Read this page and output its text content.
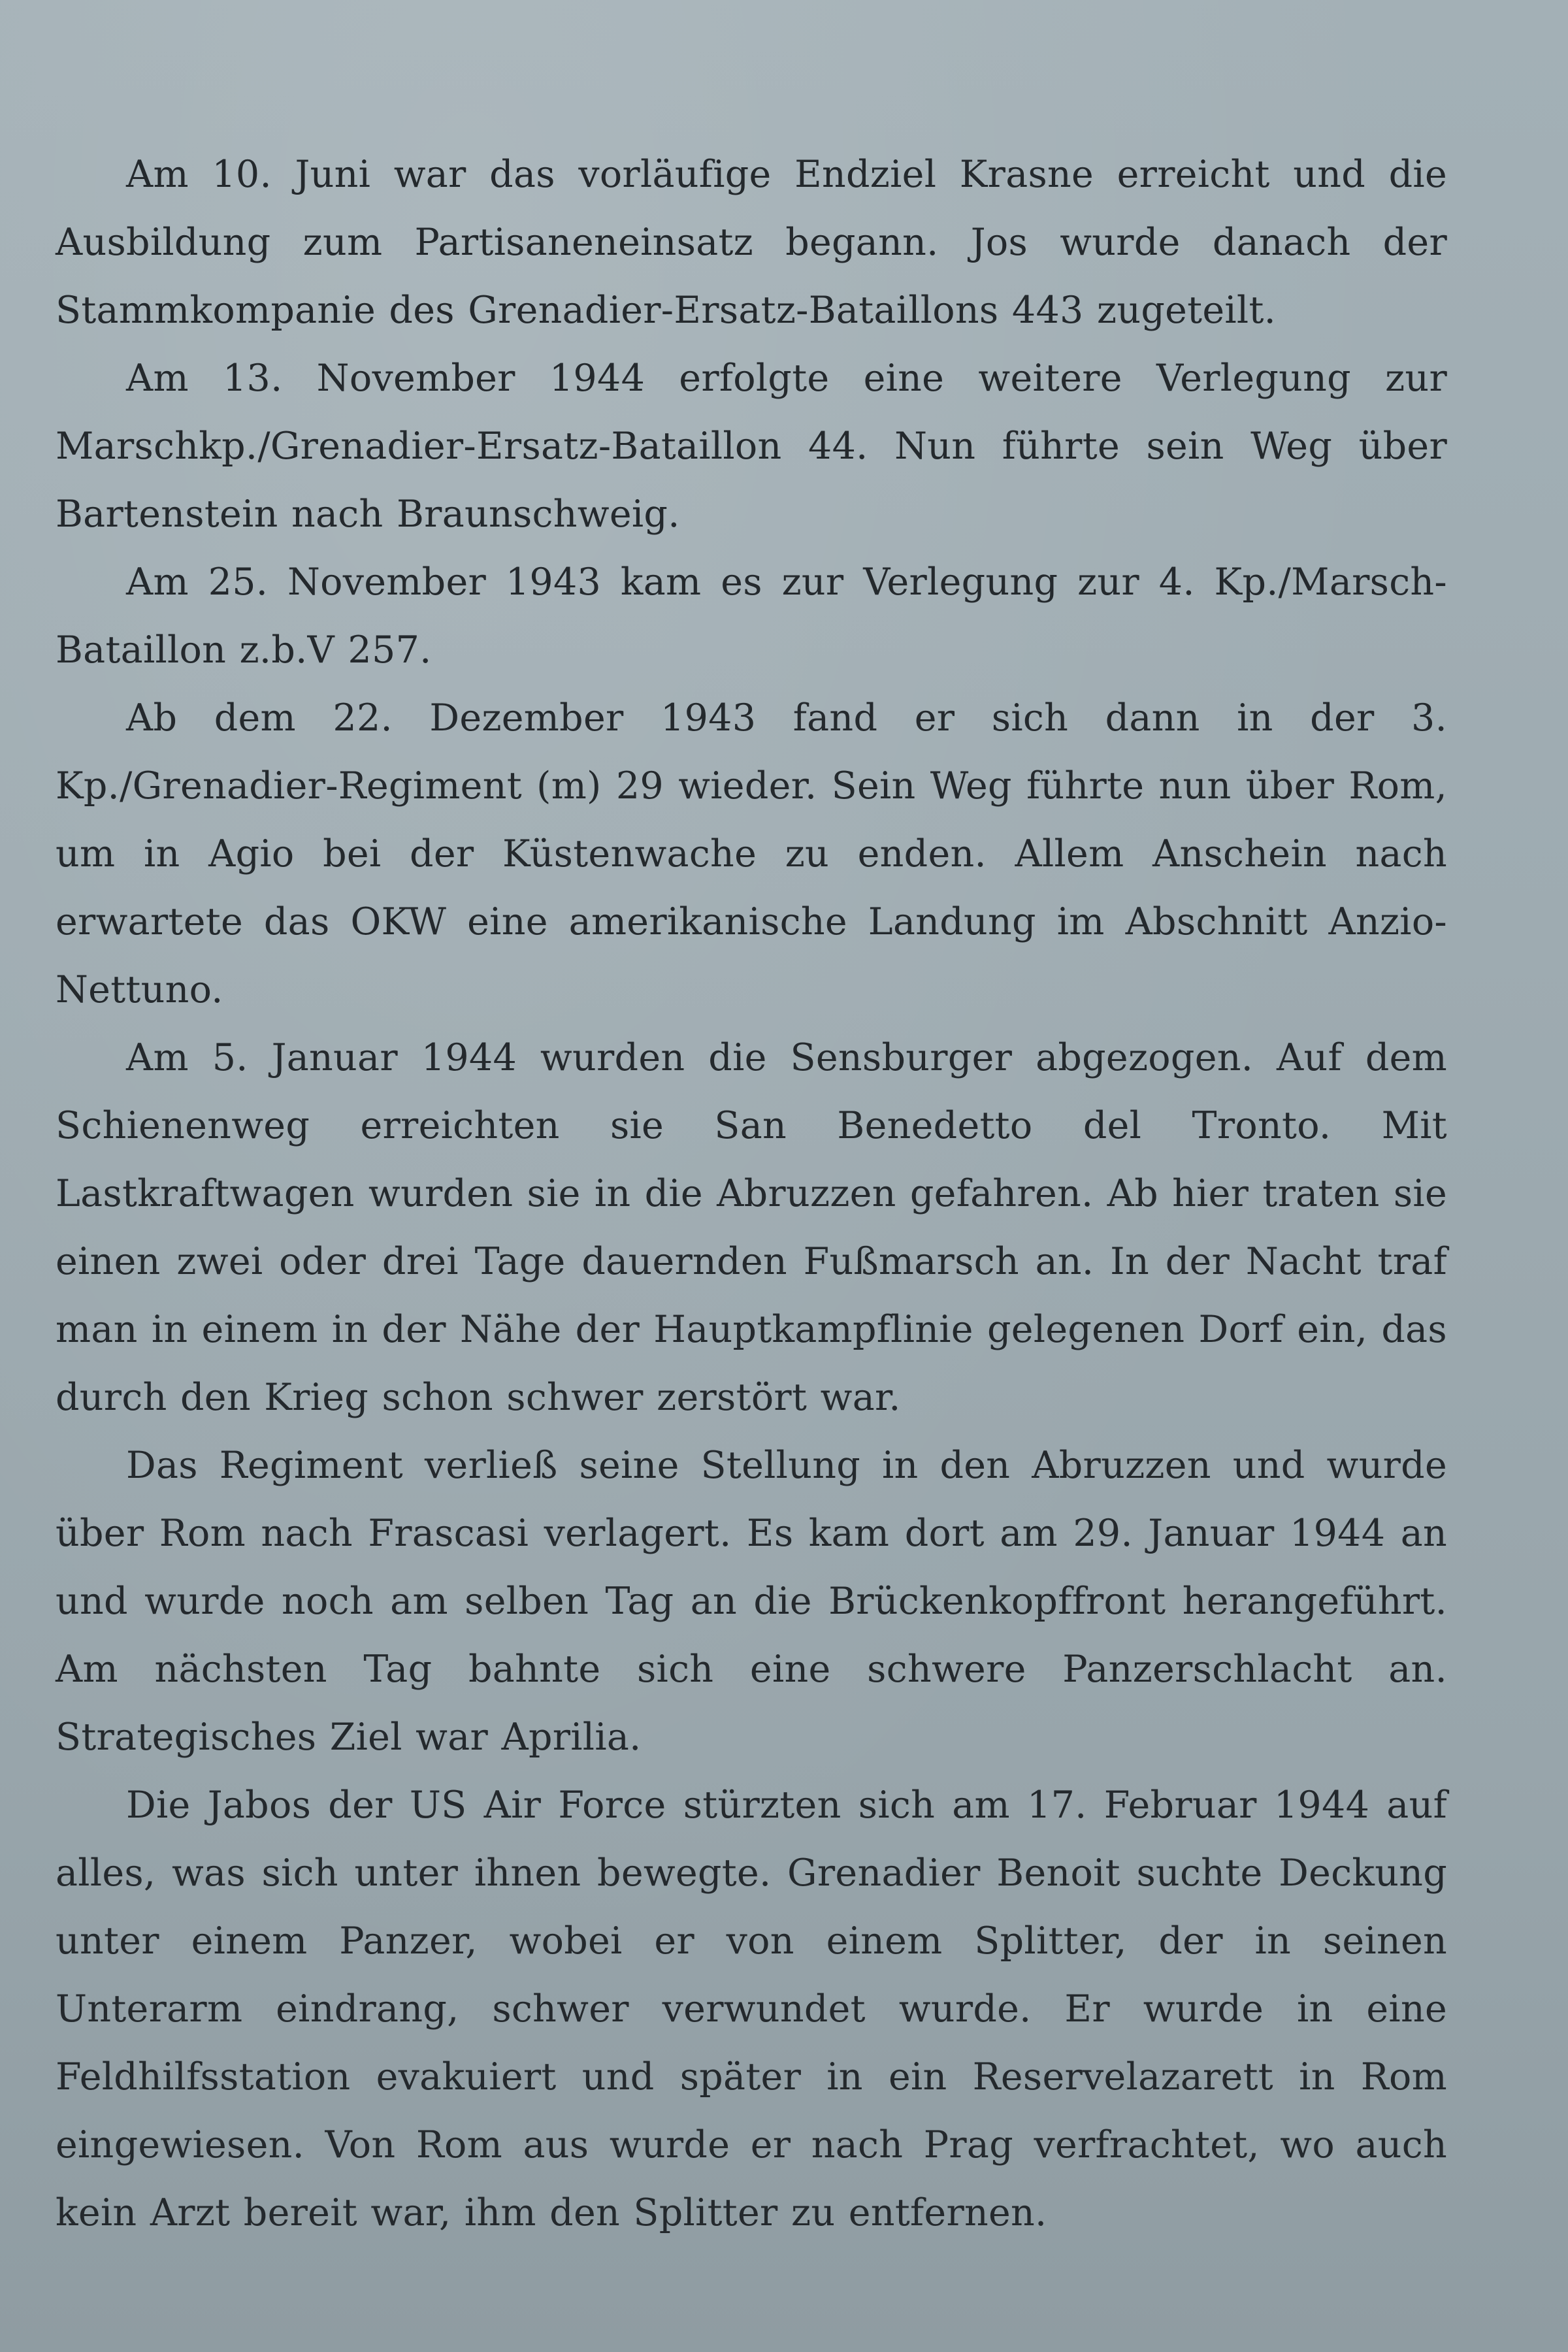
Am 10. Juni war das vorläufige Endziel Krasne erreicht und die Ausbildung zum Partisaneneinsatz begann. Jos wurde danach der Stammkompanie des Grenadier-Ersatz-Bataillons 443 zugeteilt.

Am 13. November 1944 erfolgte eine weitere Verlegung zur Marschkp./Grenadier-Ersatz-Bataillon 44. Nun führte sein Weg über Bartenstein nach Braunschweig.

Am 25. November 1943 kam es zur Verlegung zur 4. Kp./Marsch-Bataillon z.b.V 257.

Ab dem 22. Dezember 1943 fand er sich dann in der 3. Kp./Grenadier-Regiment (m) 29 wieder. Sein Weg führte nun über Rom, um in Agio bei der Küstenwache zu enden. Allem Anschein nach erwartete das OKW eine amerikanische Landung im Abschnitt Anzio-Nettuno.

Am 5. Januar 1944 wurden die Sensburger abgezogen. Auf dem Schienenweg erreichten sie San Benedetto del Tronto. Mit Lastkraftwagen wurden sie in die Abruzzen gefahren. Ab hier traten sie einen zwei oder drei Tage dauernden Fußmarsch an. In der Nacht traf man in einem in der Nähe der Hauptkampflinie gelegenen Dorf ein, das durch den Krieg schon schwer zerstört war.

Das Regiment verließ seine Stellung in den Abruzzen und wurde über Rom nach Frascasi verlagert. Es kam dort am 29. Januar 1944 an und wurde noch am selben Tag an die Brückenkopffront herangeführt. Am nächsten Tag bahnte sich eine schwere Panzerschlacht an. Strategisches Ziel war Aprilia.

Die Jabos der US Air Force stürzten sich am 17. Februar 1944 auf alles, was sich unter ihnen bewegte. Grenadier Benoit suchte Deckung unter einem Panzer, wobei er von einem Splitter, der in seinen Unterarm eindrang, schwer verwundet wurde. Er wurde in eine Feldhilfsstation evakuiert und später in ein Reservelazarett in Rom eingewiesen. Von Rom aus wurde er nach Prag verfrachtet, wo auch kein Arzt bereit war, ihm den Splitter zu entfernen.
